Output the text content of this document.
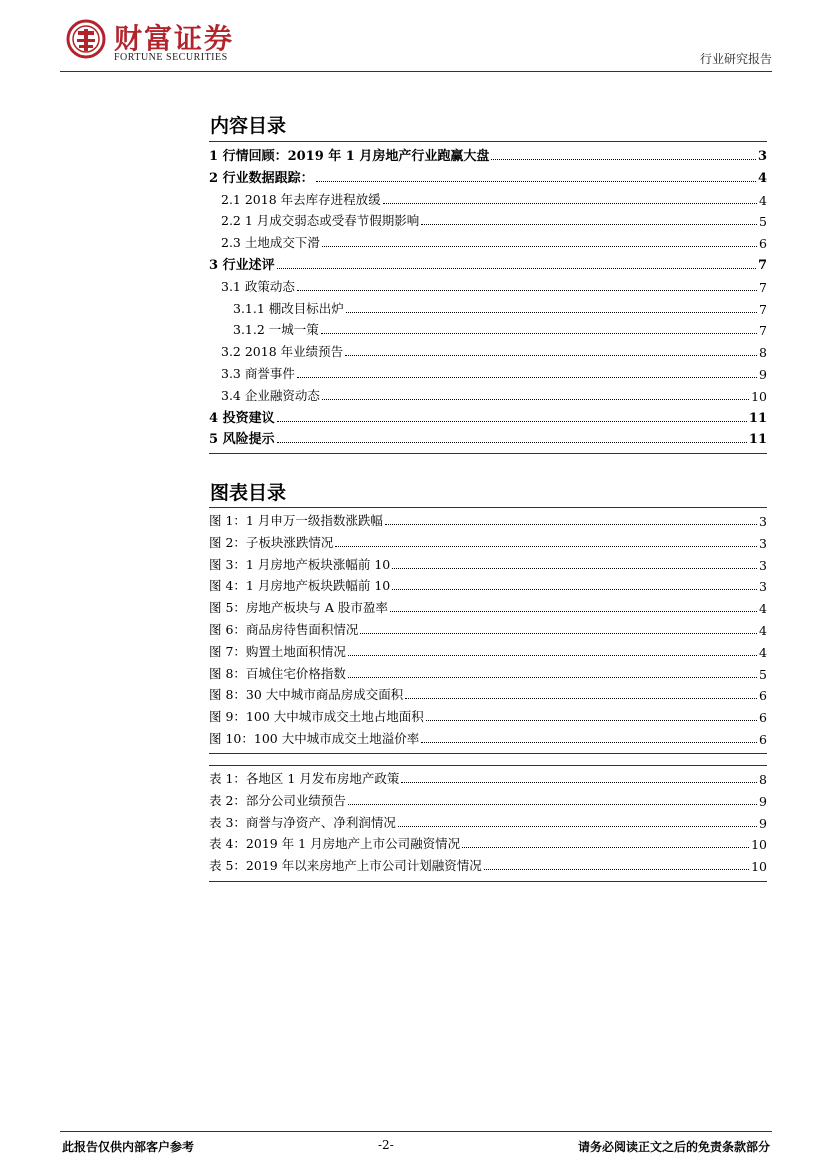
财富证券
FORTUNE SECURITIES	行业研究报告
内容目录
1 行情回顾：2019 年 1 月房地产行业跑赢大盘	3
2 行业数据跟踪：	4
2.1 2018 年去库存进程放缓	4
2.2 1 月成交弱态或受春节假期影响	5
2.3 土地成交下滑	6
3 行业述评	7
3.1 政策动态	7
3.1.1 棚改目标出炉	7
3.1.2 一城一策	7
3.2 2018 年业绩预告	8
3.3 商誉事件	9
3.4 企业融资动态	10
4 投资建议	11
5 风险提示	11
图表目录
图 1：1 月申万一级指数涨跌幅	3
图 2：子板块涨跌情况	3
图 3：1 月房地产板块涨幅前 10	3
图 4：1 月房地产板块跌幅前 10	3
图 5：房地产板块与 A 股市盈率	4
图 6：商品房待售面积情况	4
图 7：购置土地面积情况	4
图 8：百城住宅价格指数	5
图 8：30 大中城市商品房成交面积	6
图 9：100 大中城市成交土地占地面积	6
图 10：100 大中城市成交土地溢价率	6
表 1：各地区 1 月发布房地产政策	8
表 2：部分公司业绩预告	9
表 3：商誉与净资产、净利润情况	9
表 4：2019 年 1 月房地产上市公司融资情况	10
表 5：2019 年以来房地产上市公司计划融资情况	10
此报告仅供内部客户参考	-2-	请务必阅读正文之后的免责条款部分
